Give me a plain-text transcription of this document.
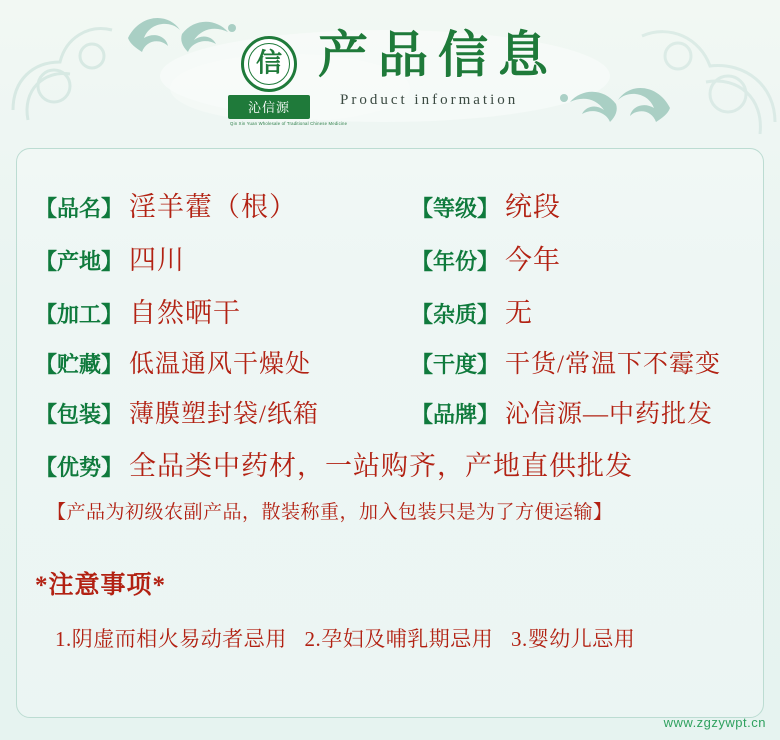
信
沁信源
Qin Xin Yuan Wholesale of Traditional Chinese Medicine
产品信息
Product information
【品名】 淫羊藿（根）	【等级】 统段
【产地】 四川	【年份】 今年
【加工】 自然晒干	【杂质】 无
【贮藏】 低温通风干燥处	【干度】 干货/常温下不霉变
【包装】 薄膜塑封袋/纸箱	【品牌】 沁信源—中药批发
【优势】 全品类中药材，一站购齐，产地直供批发
【产品为初级农副产品，散装称重，加入包装只是为了方便运输】
*注意事项*
1.阴虚而相火易动者忌用 2.孕妇及哺乳期忌用 3.婴幼儿忌用
www.zgzywpt.cn
